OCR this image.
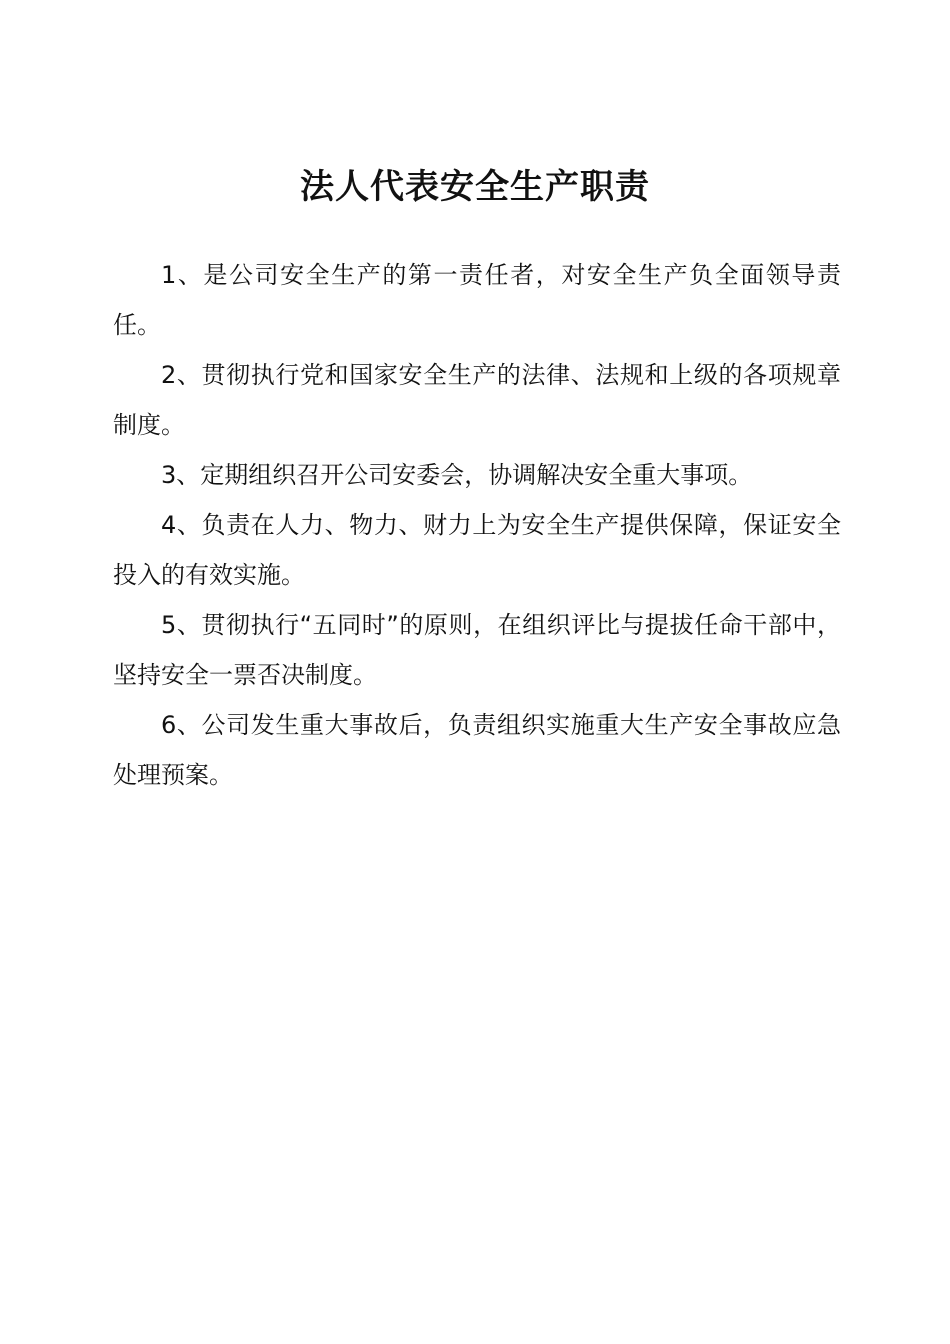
法人代表安全生产职责

1、是公司安全生产的第一责任者，对安全生产负全面领导责任。

2、贯彻执行党和国家安全生产的法律、法规和上级的各项规章制度。

3、定期组织召开公司安委会，协调解决安全重大事项。

4、负责在人力、物力、财力上为安全生产提供保障，保证安全投入的有效实施。

5、贯彻执行“五同时”的原则，在组织评比与提拔任命干部中，坚持安全一票否决制度。

6、公司发生重大事故后，负责组织实施重大生产安全事故应急处理预案。
